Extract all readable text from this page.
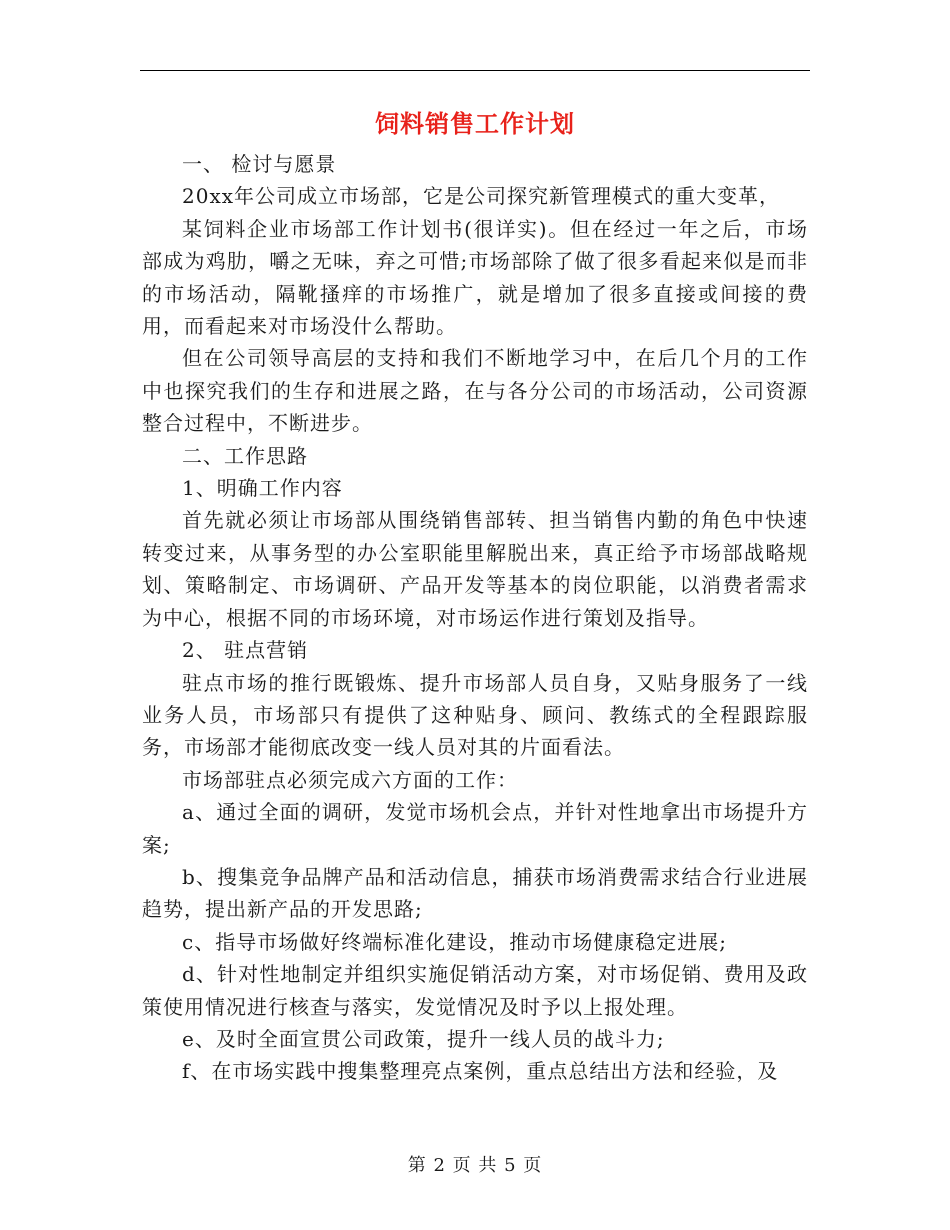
饲料销售工作计划

一、 检讨与愿景

20xx年公司成立市场部，它是公司探究新管理模式的重大变革，

某饲料企业市场部工作计划书(很详实)。但在经过一年之后，市场部成为鸡肋，嚼之无味，弃之可惜;市场部除了做了很多看起来似是而非的市场活动，隔靴搔痒的市场推广，就是增加了很多直接或间接的费用，而看起来对市场没什么帮助。

但在公司领导高层的支持和我们不断地学习中，在后几个月的工作中也探究我们的生存和进展之路，在与各分公司的市场活动，公司资源整合过程中，不断进步。

二、工作思路

1、明确工作内容

首先就必须让市场部从围绕销售部转、担当销售内勤的角色中快速转变过来，从事务型的办公室职能里解脱出来，真正给予市场部战略规划、策略制定、市场调研、产品开发等基本的岗位职能，以消费者需求为中心，根据不同的市场环境，对市场运作进行策划及指导。

2、 驻点营销

驻点市场的推行既锻炼、提升市场部人员自身，又贴身服务了一线业务人员，市场部只有提供了这种贴身、顾问、教练式的全程跟踪服务，市场部才能彻底改变一线人员对其的片面看法。

市场部驻点必须完成六方面的工作：

a、通过全面的调研，发觉市场机会点，并针对性地拿出市场提升方案;

b、搜集竞争品牌产品和活动信息，捕获市场消费需求结合行业进展趋势，提出新产品的开发思路;

c、指导市场做好终端标准化建设，推动市场健康稳定进展;

d、针对性地制定并组织实施促销活动方案，对市场促销、费用及政策使用情况进行核查与落实，发觉情况及时予以上报处理。

e、及时全面宣贯公司政策，提升一线人员的战斗力;

f、在市场实践中搜集整理亮点案例，重点总结出方法和经验，及

第 2 页 共 5 页
